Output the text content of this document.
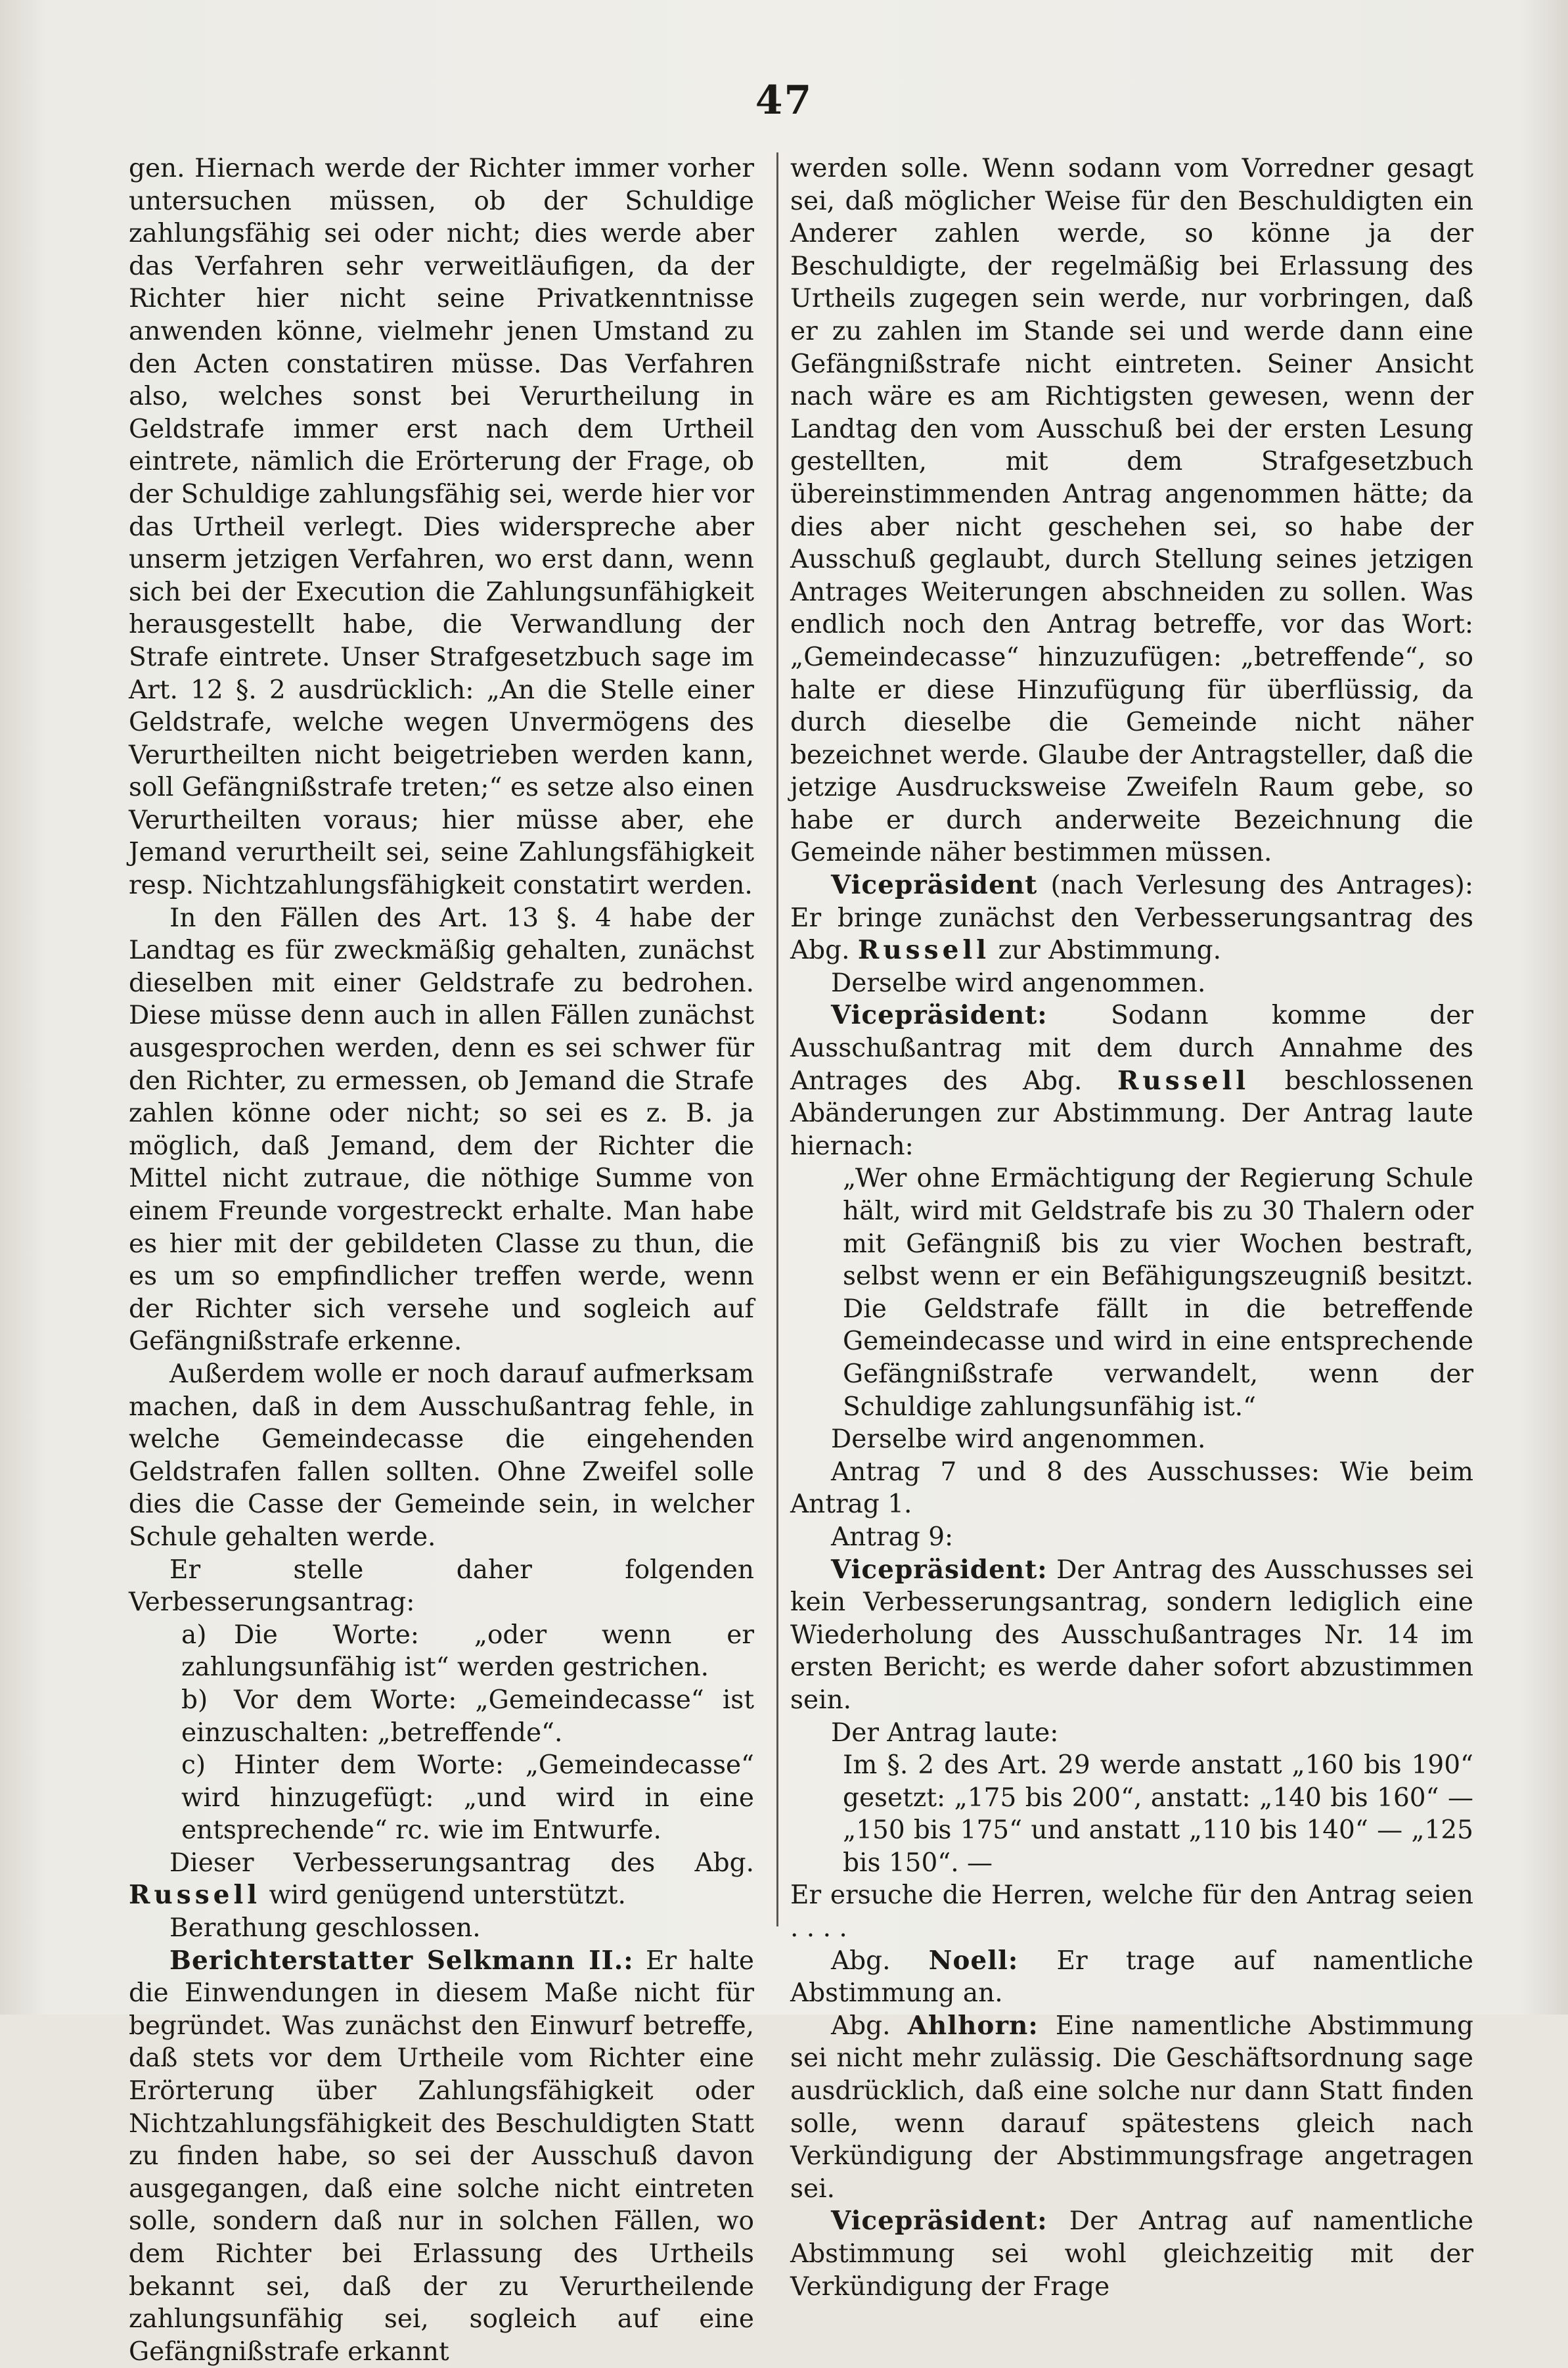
47

gen. Hiernach werde der Richter immer vorher untersuchen müssen, ob der Schuldige zahlungsfähig sei oder nicht; dies werde aber das Verfahren sehr verweitläufigen, da der Richter hier nicht seine Privatkenntnisse anwenden könne, vielmehr jenen Umstand zu den Acten constatiren müsse. Das Verfahren also, welches sonst bei Verurtheilung in Geldstrafe immer erst nach dem Urtheil eintrete, nämlich die Erörterung der Frage, ob der Schuldige zahlungsfähig sei, werde hier vor das Urtheil verlegt. Dies widerspreche aber unserm jetzigen Verfahren, wo erst dann, wenn sich bei der Execution die Zahlungsunfähigkeit herausgestellt habe, die Verwandlung der Strafe eintrete. Unser Strafgesetzbuch sage im Art. 12 §. 2 ausdrücklich: „An die Stelle einer Geldstrafe, welche wegen Unvermögens des Verurtheilten nicht beigetrieben werden kann, soll Gefängnißstrafe treten;“ es setze also einen Verurtheilten voraus; hier müsse aber, ehe Jemand verurtheilt sei, seine Zahlungsfähigkeit resp. Nichtzahlungsfähigkeit constatirt werden.

In den Fällen des Art. 13 §. 4 habe der Landtag es für zweckmäßig gehalten, zunächst dieselben mit einer Geldstrafe zu bedrohen. Diese müsse denn auch in allen Fällen zunächst ausgesprochen werden, denn es sei schwer für den Richter, zu ermessen, ob Jemand die Strafe zahlen könne oder nicht; so sei es z. B. ja möglich, daß Jemand, dem der Richter die Mittel nicht zutraue, die nöthige Summe von einem Freunde vorgestreckt erhalte. Man habe es hier mit der gebildeten Classe zu thun, die es um so empfindlicher treffen werde, wenn der Richter sich versehe und sogleich auf Gefängnißstrafe erkenne.

Außerdem wolle er noch darauf aufmerksam machen, daß in dem Ausschußantrag fehle, in welche Gemeindecasse die eingehenden Geldstrafen fallen sollten. Ohne Zweifel solle dies die Casse der Gemeinde sein, in welcher Schule gehalten werde.

Er stelle daher folgenden Verbesserungsantrag:

a) Die Worte: „oder wenn er zahlungsunfähig ist“ werden gestrichen.

b) Vor dem Worte: „Gemeindecasse“ ist einzuschalten: „betreffende“.

c) Hinter dem Worte: „Gemeindecasse“ wird hinzugefügt: „und wird in eine entsprechende“ rc. wie im Entwurfe.

Dieser Verbesserungsantrag des Abg. Russell wird genügend unterstützt.

Berathung geschlossen.

Berichterstatter Selkmann II.: Er halte die Einwendungen in diesem Maße nicht für begründet. Was zunächst den Einwurf betreffe, daß stets vor dem Urtheile vom Richter eine Erörterung über Zahlungsfähigkeit oder Nichtzahlungsfähigkeit des Beschuldigten Statt zu finden habe, so sei der Ausschuß davon ausgegangen, daß eine solche nicht eintreten solle, sondern daß nur in solchen Fällen, wo dem Richter bei Erlassung des Urtheils bekannt sei, daß der zu Verurtheilende zahlungsunfähig sei, sogleich auf eine Gefängnißstrafe erkannt

werden solle. Wenn sodann vom Vorredner gesagt sei, daß möglicher Weise für den Beschuldigten ein Anderer zahlen werde, so könne ja der Beschuldigte, der regelmäßig bei Erlassung des Urtheils zugegen sein werde, nur vorbringen, daß er zu zahlen im Stande sei und werde dann eine Gefängnißstrafe nicht eintreten. Seiner Ansicht nach wäre es am Richtigsten gewesen, wenn der Landtag den vom Ausschuß bei der ersten Lesung gestellten, mit dem Strafgesetzbuch übereinstimmenden Antrag angenommen hätte; da dies aber nicht geschehen sei, so habe der Ausschuß geglaubt, durch Stellung seines jetzigen Antrages Weiterungen abschneiden zu sollen. Was endlich noch den Antrag betreffe, vor das Wort: „Gemeindecasse“ hinzuzufügen: „betreffende“, so halte er diese Hinzufügung für überflüssig, da durch dieselbe die Gemeinde nicht näher bezeichnet werde. Glaube der Antragsteller, daß die jetzige Ausdrucksweise Zweifeln Raum gebe, so habe er durch anderweite Bezeichnung die Gemeinde näher bestimmen müssen.

Vicepräsident (nach Verlesung des Antrages): Er bringe zunächst den Verbesserungsantrag des Abg. Russell zur Abstimmung.

Derselbe wird angenommen.

Vicepräsident: Sodann komme der Ausschußantrag mit dem durch Annahme des Antrages des Abg. Russell beschlossenen Abänderungen zur Abstimmung. Der Antrag laute hiernach:

„Wer ohne Ermächtigung der Regierung Schule hält, wird mit Geldstrafe bis zu 30 Thalern oder mit Gefängniß bis zu vier Wochen bestraft, selbst wenn er ein Befähigungszeugniß besitzt. Die Geldstrafe fällt in die betreffende Gemeindecasse und wird in eine entsprechende Gefängnißstrafe verwandelt, wenn der Schuldige zahlungsunfähig ist.“

Derselbe wird angenommen.

Antrag 7 und 8 des Ausschusses: Wie beim Antrag 1.

Antrag 9:

Vicepräsident: Der Antrag des Ausschusses sei kein Verbesserungsantrag, sondern lediglich eine Wiederholung des Ausschußantrages Nr. 14 im ersten Bericht; es werde daher sofort abzustimmen sein.

Der Antrag laute:

Im §. 2 des Art. 29 werde anstatt „160 bis 190“ gesetzt: „175 bis 200“, anstatt: „140 bis 160“ — „150 bis 175“ und anstatt „110 bis 140“ — „125 bis 150“. —

Er ersuche die Herren, welche für den Antrag seien . . . .

Abg. Noell: Er trage auf namentliche Abstimmung an.

Abg. Ahlhorn: Eine namentliche Abstimmung sei nicht mehr zulässig. Die Geschäftsordnung sage ausdrücklich, daß eine solche nur dann Statt finden solle, wenn darauf spätestens gleich nach Verkündigung der Abstimmungsfrage angetragen sei.

Vicepräsident: Der Antrag auf namentliche Abstimmung sei wohl gleichzeitig mit der Verkündigung der Frage
